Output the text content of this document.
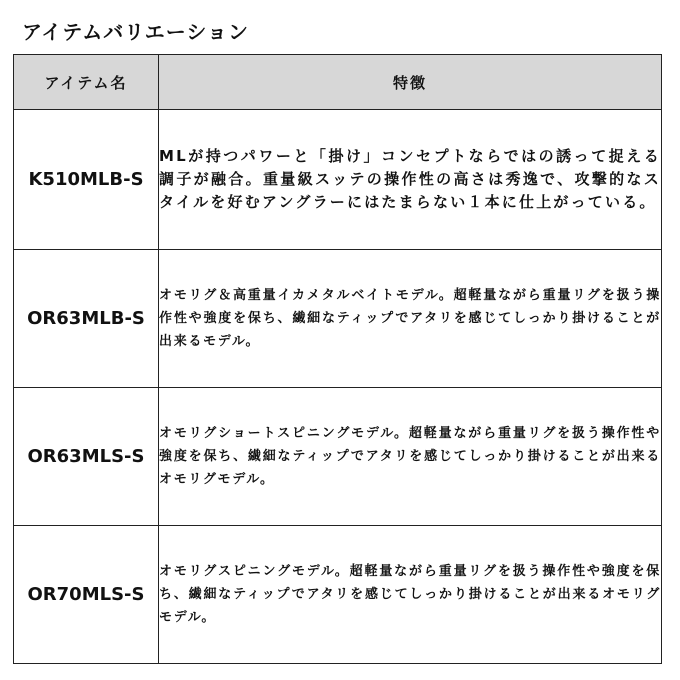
アイテムバリエーション
アイテム名	特徴
K510MLB-S	MLが持つパワーと「掛け」コンセプトならではの誘って捉える調子が融合。重量級スッテの操作性の高さは秀逸で、攻撃的なスタイルを好むアングラーにはたまらない１本に仕上がっている。

OR63MLB-S	オモリグ＆高重量イカメタルベイトモデル。超軽量ながら重量リグを扱う操作性や強度を保ち、繊細なティップでアタリを感じてしっかり掛けることが出来るモデル。

OR63MLS-S	オモリグショートスピニングモデル。超軽量ながら重量リグを扱う操作性や強度を保ち、繊細なティップでアタリを感じてしっかり掛けることが出来るオモリグモデル。

OR70MLS-S	オモリグスピニングモデル。超軽量ながら重量リグを扱う操作性や強度を保ち、繊細なティップでアタリを感じてしっかり掛けることが出来るオモリグモデル。
